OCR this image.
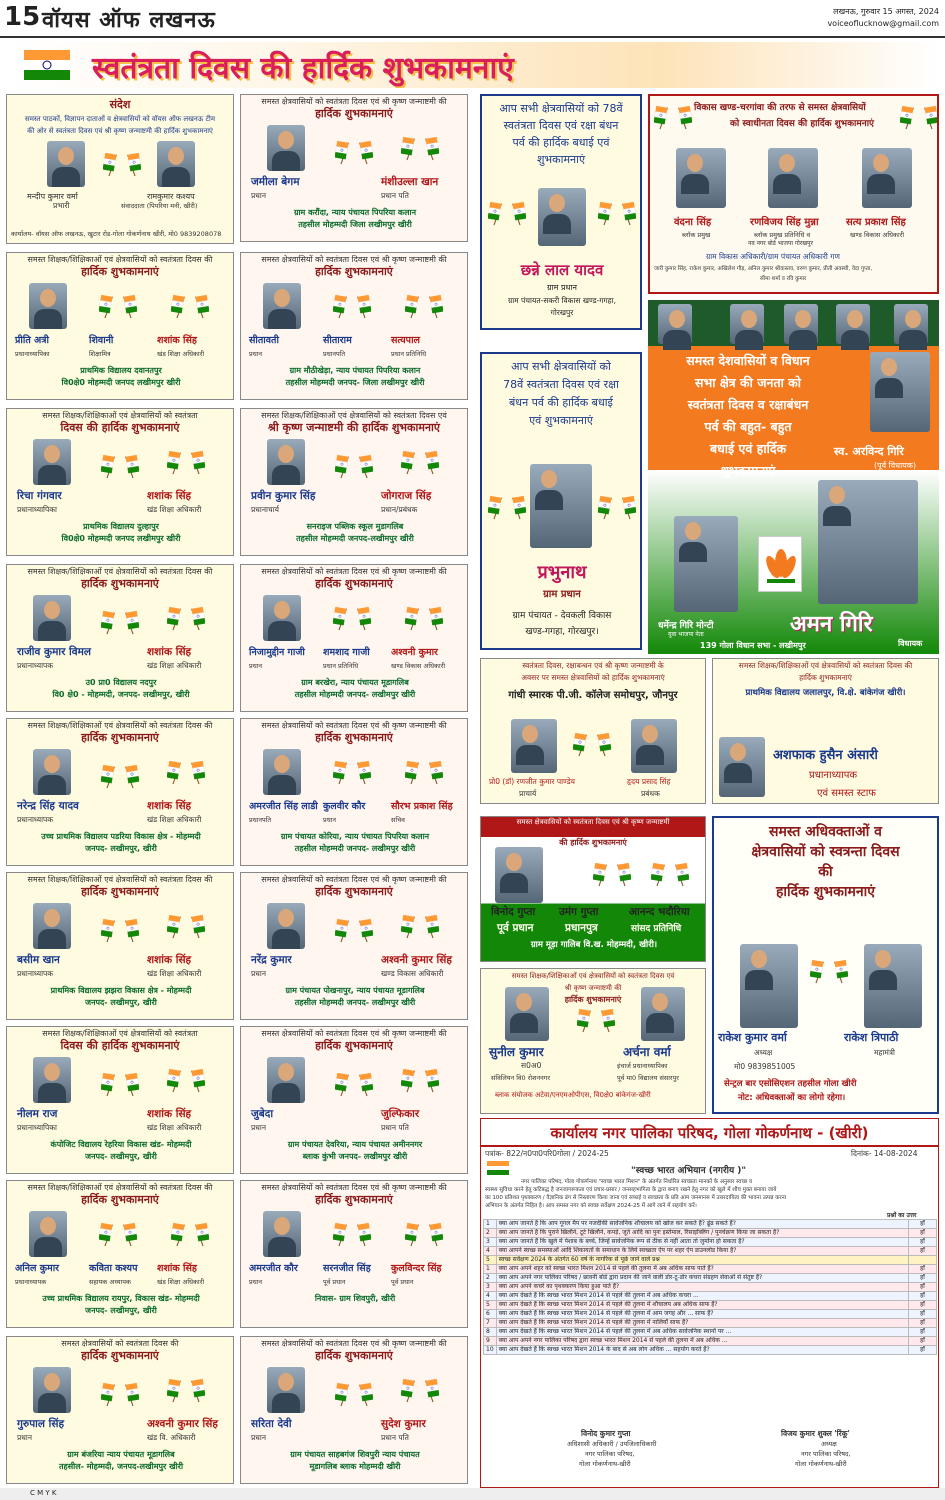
15 वॉयस ऑफ लखनऊ	लखनऊ, गुरुवार 15 अगस्त, 2024
voiceoflucknow@gmail.com
स्वतंत्रता दिवस की हार्दिक शुभकामनाएं
संदेश
समस्त पाठकों, विज्ञापन दाताओं व क्षेत्रवासियों को वॉयस ऑफ लखनऊ टीम
की ओर से स्वतंत्रता दिवस एवं श्री कृष्ण जन्माष्टमी की हार्दिक शुभकामनाएं
मन्दीप कुमार वर्मा
प्रभारी
रामकुमार कश्यप
संवाददाता (पिपरिया मनी, खीरी)
कार्यालय- वॉयस ऑफ लखनऊ, खुटार रोड-गोला गोकर्णनाथ खीरी, मो0 9839208078
समस्त शिक्षक/शिक्षिकाओं एवं क्षेत्रवासियों को स्वतंत्रता दिवस की
हार्दिक शुभकामनाएं
प्रीति अत्री
प्रधानाध्यापिका
शिवानी
शिक्षामित्र
शशांक सिंह
खंड शिक्षा अधिकारी
प्राथमिक विद्यालय दवानतपुर
वि0क्षे0 मोहम्मदी जनपद लखीमपुर खीरी
समस्त शिक्षक/शिक्षिकाओं एवं क्षेत्रवासियों को स्वतंत्रता
दिवस की हार्दिक शुभकामनाएं
रिचा गंगवार
प्रधानाध्यापिका
शशांक सिंह
खंड शिक्षा अधिकारी
प्राथमिक विद्यालय दुल्हापुर
वि0क्षे0 मोहम्मदी जनपद लखीमपुर खीरी
समस्त शिक्षक/शिक्षिकाओं एवं क्षेत्रवासियों को स्वतंत्रता दिवस की
हार्दिक शुभकामनाएं
राजीव कुमार विमल
प्रधानाध्यापक
शशांक सिंह
खंड शिक्षा अधिकारी
उ0 प्रा0 विद्यालय नदपुर
वि0 क्षे0 - मोहम्मदी, जनपद- लखीमपुर, खीरी
समस्त शिक्षक/शिक्षिकाओं एवं क्षेत्रवासियों को स्वतंत्रता दिवस की
हार्दिक शुभकामनाएं
नरेन्द्र सिंह यादव
प्रधानाध्यापक
शशांक सिंह
खंड शिक्षा अधिकारी
उच्च प्राथमिक विद्यालय पडरिया विकास क्षेत्र - मोहम्मदी
जनपद- लखीमपुर, खीरी
समस्त शिक्षक/शिक्षिकाओं एवं क्षेत्रवासियों को स्वतंत्रता दिवस की
हार्दिक शुभकामनाएं
बसीम खान
प्रधानाध्यापक
शशांक सिंह
खंड शिक्षा अधिकारी
प्राथमिक विद्यालय झझरा विकास क्षेत्र - मोहम्मदी
जनपद- लखीमपुर, खीरी
समस्त शिक्षक/शिक्षिकाओं एवं क्षेत्रवासियों को स्वतंत्रता
दिवस की हार्दिक शुभकामनाएं
नीलम राज
प्रधानाध्यापिका
शशांक सिंह
खंड शिक्षा अधिकारी
कंपोजिट विद्यालय रेहरिया विकास खंड- मोहम्मदी
जनपद- लखीमपुर, खीरी
समस्त शिक्षक/शिक्षिकाओं एवं क्षेत्रवासियों को स्वतंत्रता दिवस की
हार्दिक शुभकामनाएं
अनिल कुमार
प्रधानाध्यापक
कविता कश्यप
सहायक अध्यापक
शशांक सिंह
खंड शिक्षा अधिकारी
उच्च प्राथमिक विद्यालय रायपुर, विकास खंड- मोहम्मदी
जनपद- लखीमपुर, खीरी
समस्त क्षेत्रवासियों को स्वतंत्रता दिवस की
हार्दिक शुभकामनाएं
गुरुपाल सिंह
प्रधान
अश्वनी कुमार सिंह
खंड वि. अधिकारी
ग्राम बंजरिया न्याय पंचायत मूडागलिब
तहसील- मोहम्मदी, जनपद-लखीमपुर खीरी
समस्त क्षेत्रवासियों को स्वतंत्रता दिवस एवं श्री कृष्ण जन्माष्टमी की
हार्दिक शुभकामनाएं
जमीला बेगम
प्रधान
मंशीउल्ला खान
प्रधान पति
ग्राम करौंदा, न्याय पंचायत पिपरिया कलान
तहसील मोहम्मदी जिला लखीमपुर खीरी
समस्त क्षेत्रवासियों को स्वतंत्रता दिवस एवं श्री कृष्ण जन्माष्टमी की
हार्दिक शुभकामनाएं
सीतावती
प्रधान
सीताराम
प्रधानपति
सत्यपाल
प्रधान प्रतिनिधि
ग्राम मौठीखेड़ा, न्याय पंचायत पिपरिया कलान
तहसील मोहम्मदी जनपद- जिला लखीमपुर खीरी
समस्त शिक्षक/शिक्षिकाओं एवं क्षेत्रवासियों को स्वतंत्रता दिवस एवं
श्री कृष्ण जन्माष्टमी की हार्दिक शुभकामनाएं
प्रवीन कुमार सिंह
प्रधानाचार्य
जोगराज सिंह
प्रधान/प्रबंधक
सनराइज पब्लिक स्कूल मुडागलिब
तहसील मोहम्मदी जनपद-लखीमपुर खीरी
समस्त क्षेत्रवासियों को स्वतंत्रता दिवस एवं श्री कृष्ण जन्माष्टमी की
हार्दिक शुभकामनाएं
निजामुद्दीन गाजी
प्रधान
शमशाद गाजी
प्रधान प्रतिनिधि
अश्वनी कुमार
खण्ड विकास अधिकारी
ग्राम बरखेरा, न्याय पंचायत मूडागलिब
तहसील मोहम्मदी जनपद- लखीमपुर खीरी
समस्त क्षेत्रवासियों को स्वतंत्रता दिवस एवं श्री कृष्ण जन्माष्टमी की
हार्दिक शुभकामनाएं
अमरजीत सिंह लाडी
प्रधानपति
कुलवीर कौर
प्रधान
सौरभ प्रकाश सिंह
सचिव
ग्राम पंचायत कोरिया, न्याय पंचायत पिपरिया कलान
तहसील मोहम्मदी जनपद- लखीमपुर खीरी
समस्त क्षेत्रवासियों को स्वतंत्रता दिवस एवं श्री कृष्ण जन्माष्टमी की
हार्दिक शुभकामनाएं
नरेंद्र कुमार
प्रधान
अश्वनी कुमार सिंह
खण्ड विकास अधिकारी
ग्राम पंचायत पोखनापुर, न्याय पंचायत मूडागलिब
तहसील मोहम्मदी जनपद- लखीमपुर खीरी
समस्त क्षेत्रवासियों को स्वतंत्रता दिवस एवं श्री कृष्ण जन्माष्टमी की
हार्दिक शुभकामनाएं
जुबेदा
प्रधान
जुल्फिकार
प्रधान पति
ग्राम पंचायत देवरिया, न्याय पंचायत अमीननगर
ब्लाक कुंभी जनपद- लखीमपुर खीरी
समस्त क्षेत्रवासियों को स्वतंत्रता दिवस एवं श्री कृष्ण जन्माष्टमी की
हार्दिक शुभकामनाएं
अमरजीत कौर
प्रधान
सरनजीत सिंह
पूर्व प्रधान
कुलविन्दर सिंह
पूर्व प्रधान
निवास- ग्राम शिवपुरी, खीरी
समस्त क्षेत्रवासियों को स्वतंत्रता दिवस एवं श्री कृष्ण जन्माष्टमी की
हार्दिक शुभकामनाएं
सरिता देवी
प्रधान
सुदेश कुमार
प्रधान पति
ग्राम पंचायत साहबगंज शिवपुरी न्याय पंचायत
मूडागलिब ब्लाक मोहम्मदी खीरी
आप सभी क्षेत्रवासियों को 78वें
स्वतंत्रता दिवस एवं रक्षा बंधन
पर्व की हार्दिक बधाई एवं
शुभकामनाएं
छन्ने लाल यादव
ग्राम प्रधान
ग्राम पंचायत-सकरी विकास खण्ड-गगहा,
गोरखपुर
आप सभी क्षेत्रवासियों को
78वें स्वतंत्रता दिवस एवं रक्षा
बंधन पर्व की हार्दिक बधाई
एवं शुभकामनाएं
प्रभुनाथ
ग्राम प्रधान
ग्राम पंचायत - देवकली विकास
खण्ड-गगहा, गोरखपुर।
विकास खण्ड-चरगांवा की तरफ से समस्त क्षेत्रवासियों
को स्वाधीनता दिवस की हार्दिक शुभकामनाएं
वंदना सिंह	रणविजय सिंह मुन्ना	सत्य प्रकाश सिंह
ब्लॉक प्रमुख	ब्लॉक प्रमुख प्रतिनिधि व	खण्ड विकास अधिकारी
नव नगर बोर्ड भाजपा गोरखपुर
ग्राम विकास अधिकारी/ग्राम पंचायत अधिकारी गण
जारी कुमार सिंह, राकेश कुमार, अखिलेश गौड़, अनिल कुमार श्रीवास्तव, वरुण कुमार, प्रीती अवस्थी, वेदा गुप्ता,
सीमा शर्मा व रवि कुमार
समस्त देशवासियों व विधान
सभा क्षेत्र की जनता को
स्वतंत्रता दिवस व रक्षाबंधन
पर्व की बहुत- बहुत
बधाई एवं हार्दिक
शुभकामनाएं
स्व. अरविन्द गिरि
(पूर्व विधायक)
धर्मेन्द्र गिरि मोन्टी
युवा भाजपा नेता	अमन गिरि
विधायक
139 गोला विधान सभा - लखीमपुर
स्वतंत्रता दिवस, रक्षाबन्धन एवं श्री कृष्ण जन्माष्टमी के
अवसर पर समस्त क्षेत्रवासियों को हार्दिक शुभकामनाएं
गांधी स्मारक पी.जी. कॉलेज समोधपुर, जौनपुर
प्रो0 (डॉ) रणजीत कुमार पाण्डेय
प्राचार्य
हृदय प्रसाद सिंह
प्रबंधक
समस्त शिक्षक/शिक्षिकाओं एवं क्षेत्रवासियों को स्वतंत्रता दिवस की
हार्दिक शुभकामनाएं
प्राथमिक विद्यालय जलालपुर, वि.क्षे. बांकेगंज खीरी।
अशफाक हुसैन अंसारी
प्रधानाध्यापक
एवं समस्त स्टाफ
समस्त क्षेत्रवासियों को स्वतंत्रता दिवस एवं श्री कृष्ण जन्माष्टमी
की हार्दिक शुभकामनाएं
विनोद गुप्ता उमंग गुप्ता	आनन्द भदौरिया
पूर्व प्रधान	प्रधानपुत्र	सांसद प्रतिनिधि
ग्राम मूड़ा गालिब वि.ख. मोहम्मदी, खीरी।
समस्त अधिवक्ताओं व
क्षेत्रवासियों को स्वत्रन्ता दिवस
की
हार्दिक शुभकामनाएं
राकेश कुमार वर्मा	राकेश त्रिपाठी
अध्यक्ष	महामंत्री
मो0 9839851005
सेन्ट्रल बार एसोसिएशन तहसील गोला खीरी
नोट: अधिवक्ताओं का लोगो रहेगा।
समस्त शिक्षक/शिक्षिकाओं एवं क्षेत्रवासियों को स्वतंत्रता दिवस एवं
श्री कृष्ण जन्माष्टमी की
हार्दिक शुभकामनाएं
सुनील कुमार	अर्चना वर्मा
स0अ0	इंचार्ज प्रधानाध्यापिका
संविलियन वि0 रोशननगर	पूर्व मा0 विद्यालय संसारपुर
ब्लाक संयोजक अटेवा/एनएमओपीएस, वि0क्षे0 बांकेगंज-खीरी
कार्यालय नगर पालिका परिषद, गोला गोकर्णनाथ - (खीरी)
पत्रांक- 822/न0पा0परि0गोला / 2024-25	दिनांक- 14-08-2024
"स्वच्छ भारत अभियान (नगरीय )"
नगर पालिका परिषद, गोला गोकर्णनाथ "स्वच्छ भारत मिशन" के अंतर्गत निर्धारित स्वच्छता मानकों के अनुसार स्वच्छ व
स्वस्थ्य सुविधा करने हेतु कटिबद्ध है जनजागरूकता एवं प्रचार-प्रसार / जनसहभागिता के द्वारा बनाए रखने हेतु नगर को खुले में शौच मुक्त बनाया जाये
का 100 प्रतिशत पृथक्करण / वैज्ञानिक ढंग से निस्तारण किया जाना एवं सफाई व स्वच्छता के प्रति आम जनमानस में उत्तरदायित्व की भावना उत्पन्न करना
अभियान के अंतर्गत निहित है। आप समस्त नगर को स्वच्छ सर्वेक्षण 2024-25 में आगे लाने में सहयोग करें।
प्रश्नों का उत्तर
1	क्या आप जानते है कि आप गूगल मैप पर नजदीकी सार्वजनिक शौचालय को खोज कर सकते हैं? ढूंढ सकते हैं?	हाँ
2	क्या आप जानते है कि पुराने खिलौने, टूटे खिलौने, कपड़े, जूते आदि का पुनः इस्तेमाल, रिसाइक्लिंग / पुनर्चक्रण किया जा सकता है?	हाँ
3	क्या आप जानते हैं कि खुले में पेशाब के बच्चे, जिन्हें सार्वजनिक रूप से ठीक से नहीं आता तो जुर्माना हो सकता है?	हाँ
4	क्या आपने स्वच्छ समस्याओं आदि शिकायतों के समाधान के लिये स्वच्छता ऐप पर शहर ऐप डाउनलोड किया है?	हाँ
5	स्वच्छ सर्वेक्षण 2024 के अंतर्गत 60 वर्ष के नागरिक से पूछे जाने वाले प्रश्न	
1	क्या आप अपने शहर को स्वच्छ भारत मिशन 2014 से पहले की तुलना में अब अधिक साफ पाते हैं?	हाँ
2	क्या आप अपने नगर पालिका परिषद / छावनी बोर्ड द्वारा प्रदान की जाने वाली डोर-टू-डोर कचरा संग्रहण सेवाओं से संतुष्ट हैं?	हाँ
3	क्या आप अपने कचरे का पृथक्करण किया हुआ पाते हैं?	हाँ
4	क्या आप देखते हैं कि स्वच्छ भारत मिशन 2014 से पहले की तुलना में अब अधिक कचरा ...	हाँ
5	क्या आप देखते हैं कि स्वच्छ भारत मिशन 2014 से पहले की तुलना में शौचालय अब अधिक साफ हैं?	हाँ
6	क्या आप देखते हैं कि स्वच्छ भारत मिशन 2014 से पहले की तुलना में आम जगह और ... साफ हैं?	हाँ
7	क्या आप देखते हैं कि स्वच्छ भारत मिशन 2014 से पहले की तुलना में नालियाँ साफ हैं?	हाँ
8	क्या आप देखते हैं कि स्वच्छ भारत मिशन 2014 से पहले की तुलना में अब अधिक सार्वजनिक स्थानों पर ...	हाँ
9	क्या आप अपने नगर पालिका परिषद द्वारा स्वच्छ भारत मिशन 2014 से पहले की तुलना में अब अधिक ...	हाँ
10	क्या आप देखते हैं कि स्वच्छ भारत मिशन 2014 के बाद से अब लोग अधिक ... सहयोग करते हैं?	हाँ
विनोद कुमार गुप्ता
अधिशासी अधिकारी / उपजिलाधिकारी
नगर पालिका परिषद,
गोला गोकर्णनाथ-खीरी
विजय कुमार शुक्ल 'रिंकू'
अध्यक्ष
नगर पालिका परिषद,
गोला गोकर्णनाथ-खीरी
C M Y K
